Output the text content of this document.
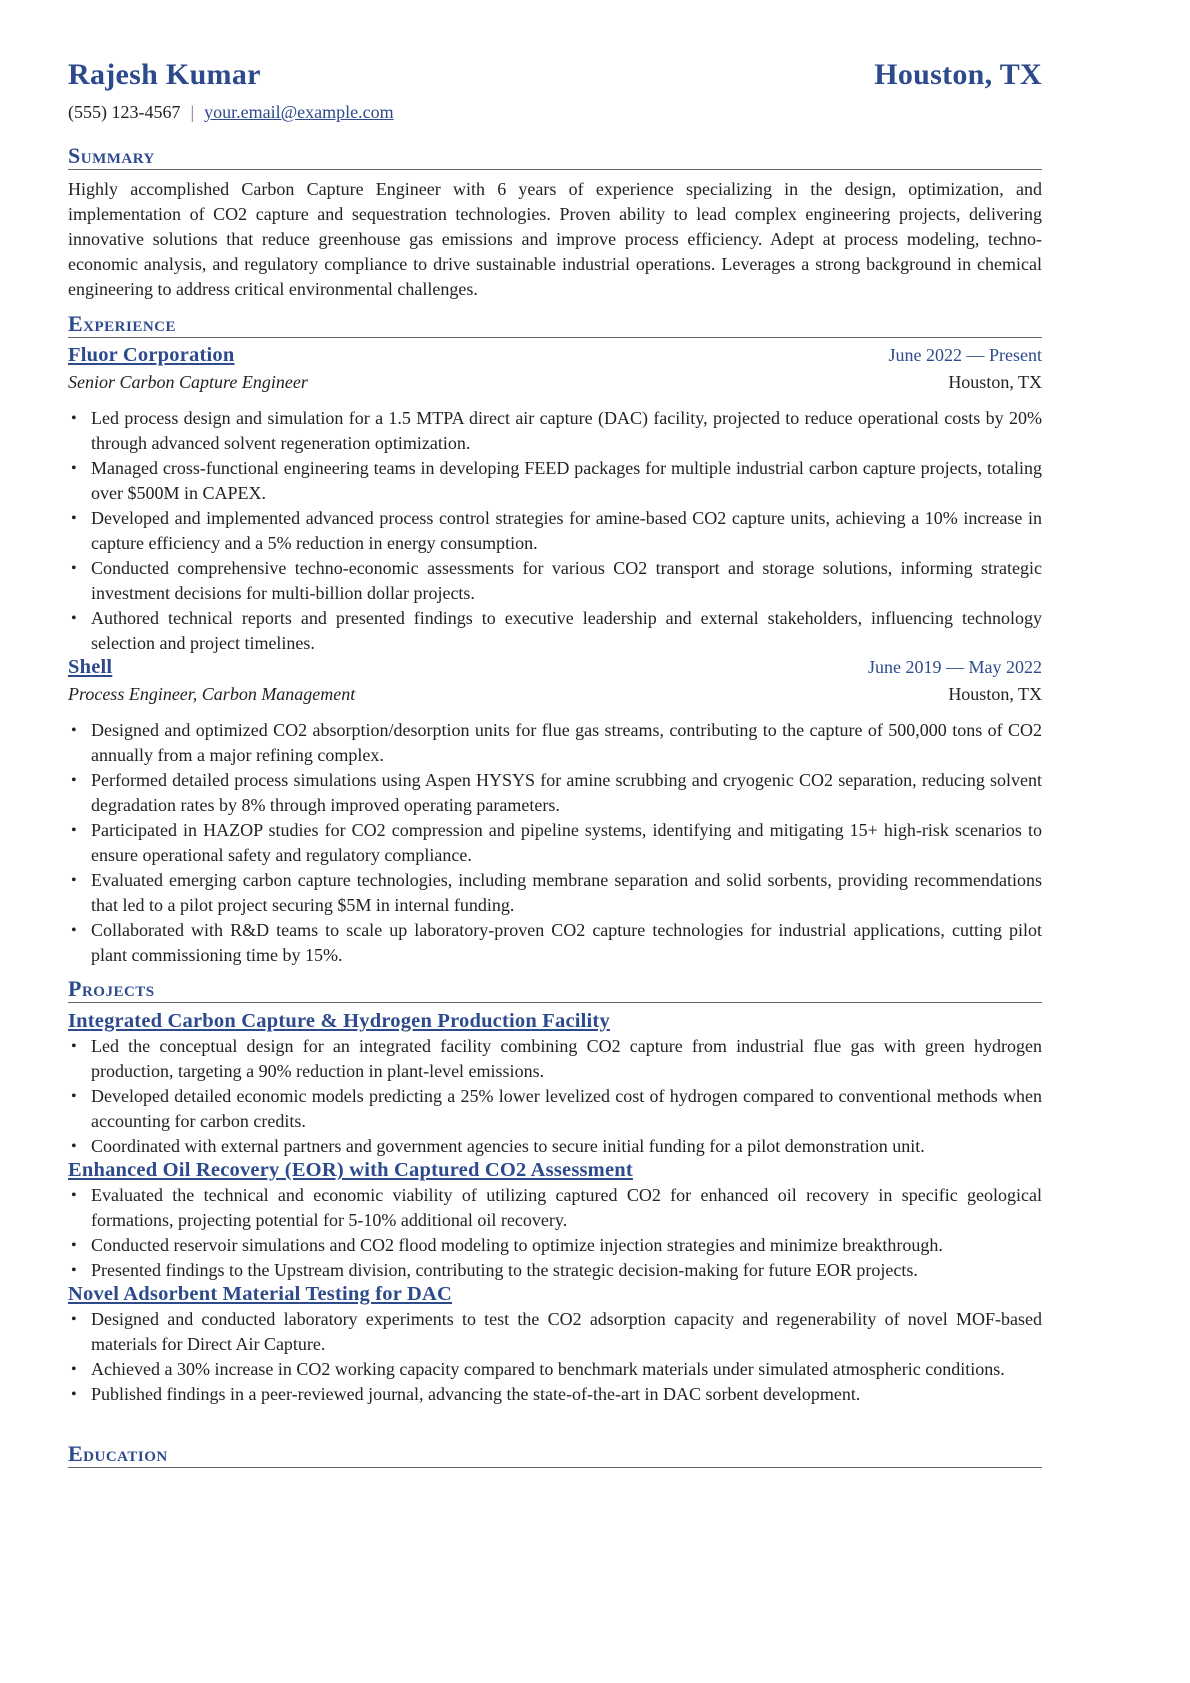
Rajesh Kumar	Houston, TX
(555) 123-4567 | your.email@example.com
Summary
Highly accomplished Carbon Capture Engineer with 6 years of experience specializing in the design, optimization, and implementation of CO2 capture and sequestration technologies. Proven ability to lead complex engineering projects, delivering innovative solutions that reduce greenhouse gas emissions and improve process efficiency. Adept at process modeling, techno-economic analysis, and regulatory compliance to drive sustainable industrial operations. Leverages a strong background in chemical engineering to address critical environmental challenges.
Experience
Fluor Corporation	June 2022 — Present
Senior Carbon Capture Engineer	Houston, TX
• Led process design and simulation for a 1.5 MTPA direct air capture (DAC) facility, projected to reduce operational costs by 20% through advanced solvent regeneration optimization.
• Managed cross-functional engineering teams in developing FEED packages for multiple industrial carbon capture projects, totaling over $500M in CAPEX.
• Developed and implemented advanced process control strategies for amine-based CO2 capture units, achieving a 10% increase in capture efficiency and a 5% reduction in energy consumption.
• Conducted comprehensive techno-economic assessments for various CO2 transport and storage solutions, informing strategic investment decisions for multi-billion dollar projects.
• Authored technical reports and presented findings to executive leadership and external stakeholders, influencing technology selection and project timelines.
Shell	June 2019 — May 2022
Process Engineer, Carbon Management	Houston, TX
• Designed and optimized CO2 absorption/desorption units for flue gas streams, contributing to the capture of 500,000 tons of CO2 annually from a major refining complex.
• Performed detailed process simulations using Aspen HYSYS for amine scrubbing and cryogenic CO2 separation, reducing solvent degradation rates by 8% through improved operating parameters.
• Participated in HAZOP studies for CO2 compression and pipeline systems, identifying and mitigating 15+ high-risk scenarios to ensure operational safety and regulatory compliance.
• Evaluated emerging carbon capture technologies, including membrane separation and solid sorbents, providing recommendations that led to a pilot project securing $5M in internal funding.
• Collaborated with R&D teams to scale up laboratory-proven CO2 capture technologies for industrial applications, cutting pilot plant commissioning time by 15%.
Projects
Integrated Carbon Capture & Hydrogen Production Facility
• Led the conceptual design for an integrated facility combining CO2 capture from industrial flue gas with green hydrogen production, targeting a 90% reduction in plant-level emissions.
• Developed detailed economic models predicting a 25% lower levelized cost of hydrogen compared to conventional methods when accounting for carbon credits.
• Coordinated with external partners and government agencies to secure initial funding for a pilot demonstration unit.
Enhanced Oil Recovery (EOR) with Captured CO2 Assessment
• Evaluated the technical and economic viability of utilizing captured CO2 for enhanced oil recovery in specific geological formations, projecting potential for 5-10% additional oil recovery.
• Conducted reservoir simulations and CO2 flood modeling to optimize injection strategies and minimize breakthrough.
• Presented findings to the Upstream division, contributing to the strategic decision-making for future EOR projects.
Novel Adsorbent Material Testing for DAC
• Designed and conducted laboratory experiments to test the CO2 adsorption capacity and regenerability of novel MOF-based materials for Direct Air Capture.
• Achieved a 30% increase in CO2 working capacity compared to benchmark materials under simulated atmospheric conditions.
• Published findings in a peer-reviewed journal, advancing the state-of-the-art in DAC sorbent development.
Education
